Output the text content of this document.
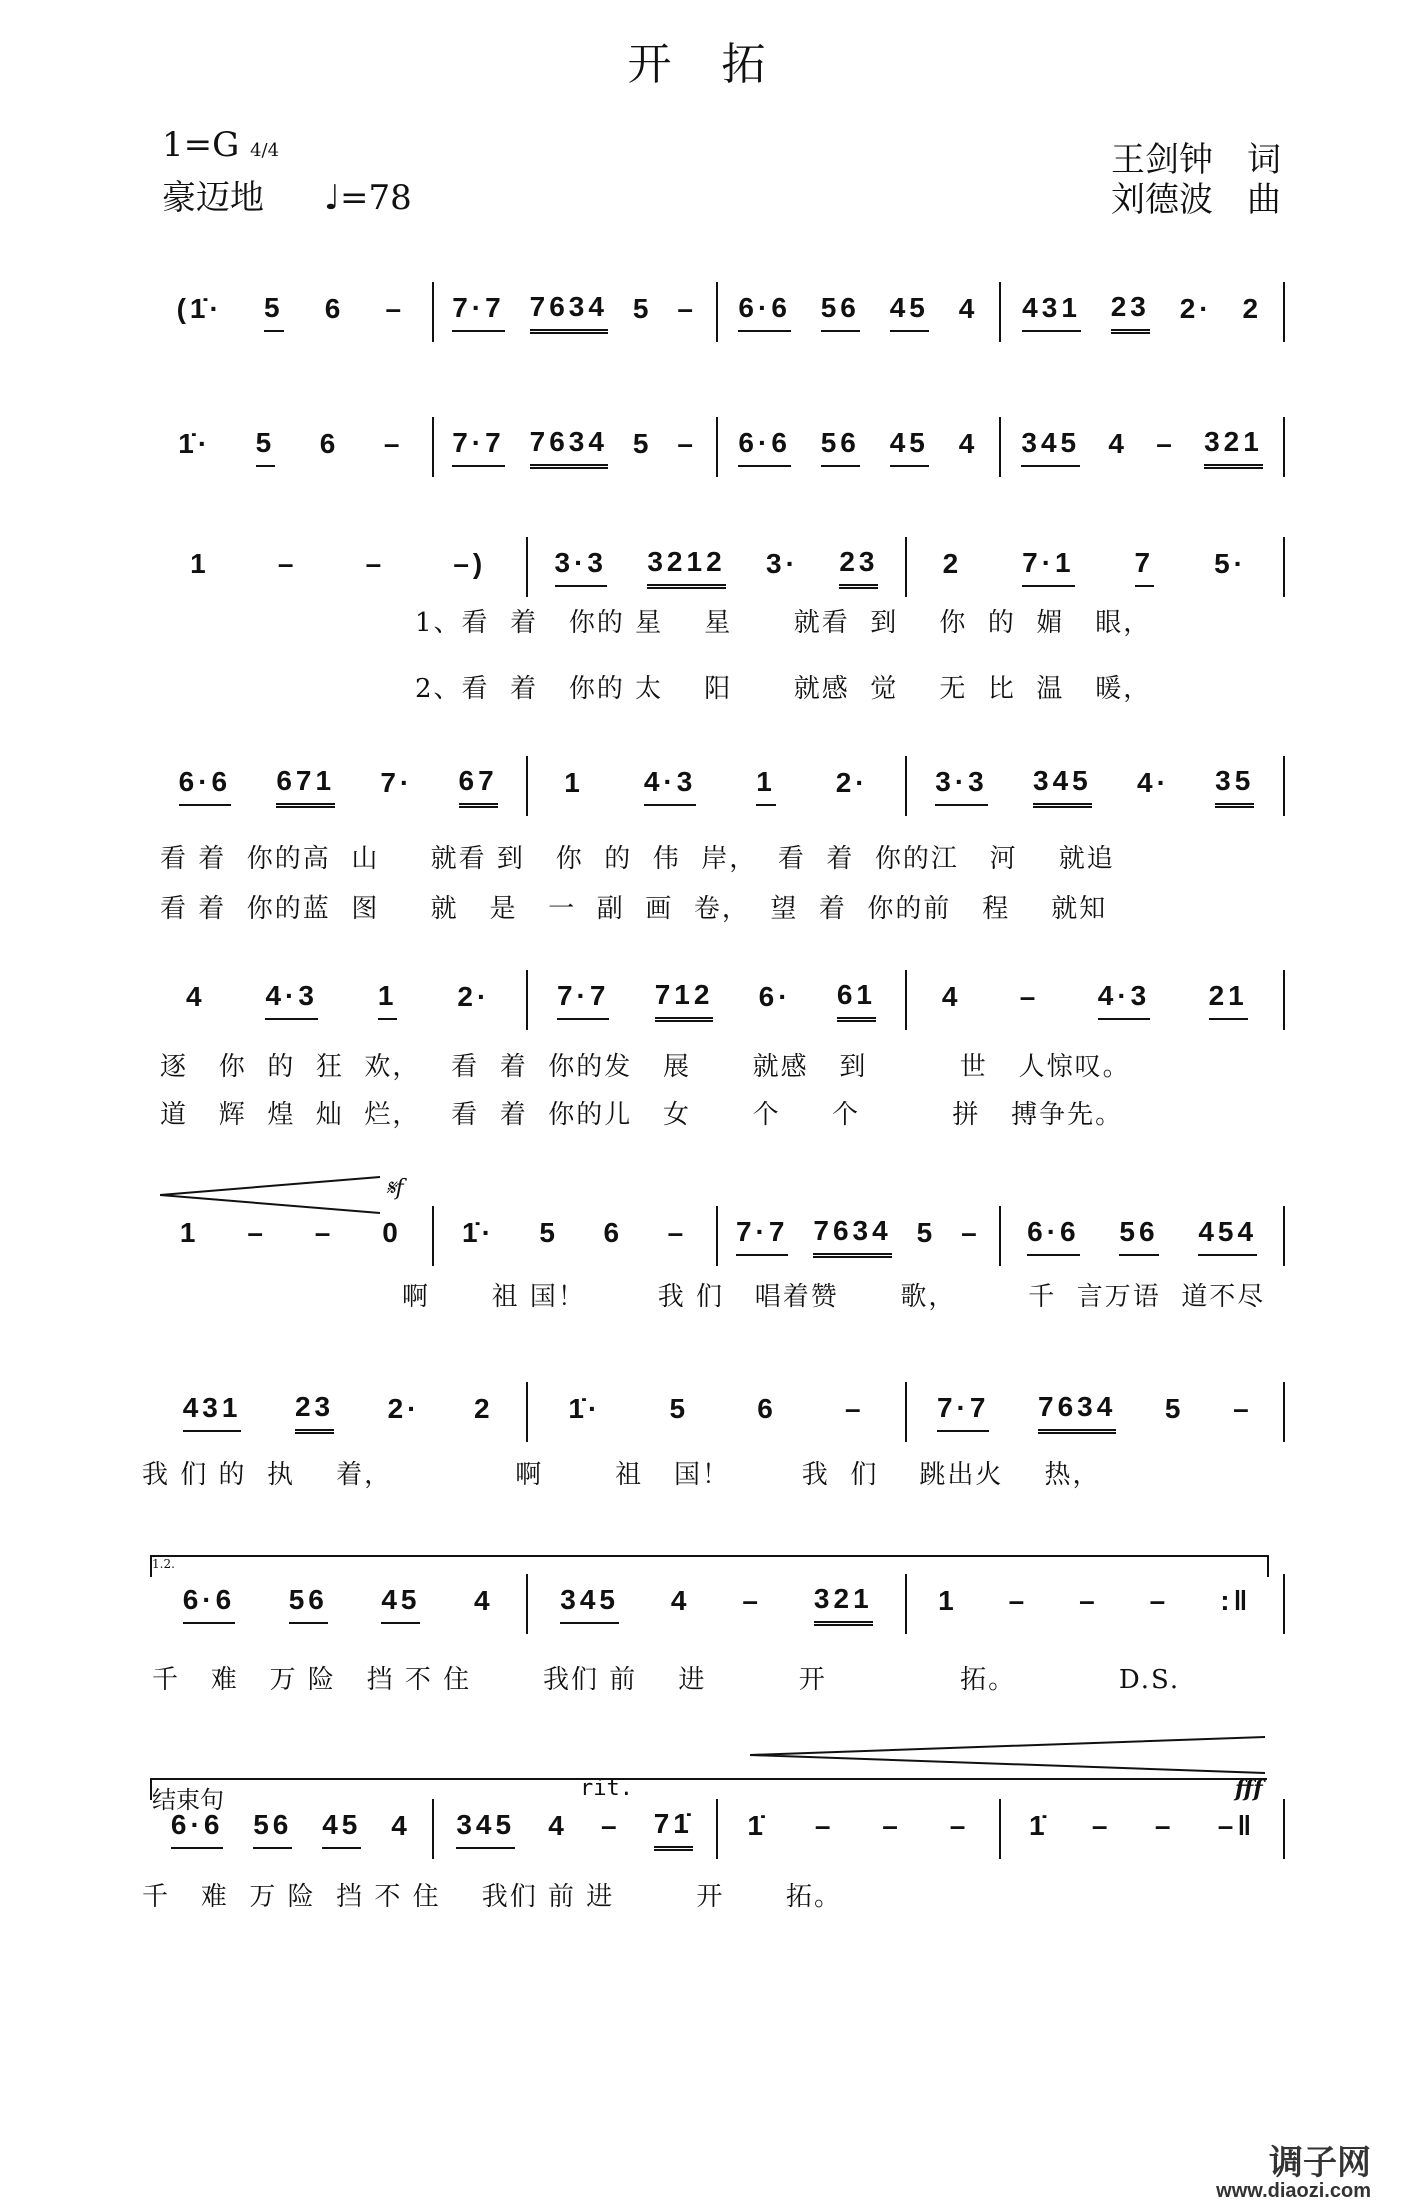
开 拓
1=G 4/4
豪迈地 ♩=78
王剑钟　词
刘德波　曲
(1̇· 5 6 – 7·7 7634 5 – 6·6 56 45 4 431 23 2· 2
1̇· 5 6 – 7·7 7634 5 – 6·6 56 45 4 345 4 – 321
1 – – –) 3·3 3212 3· 23 2 7·1 7 5·
6·6 671 7· 67 1 4·3 1 2· 3·3 345 4· 35
4 4·3 1 2· 7·7 712 6· 61 4 – 4·3 21
1 – – 0 1̇· 5 6 – 7·7 7634 5 – 6·6 56 454
431 23 2· 2	1̇· 5 6 –	7·7 7634 5 –
6·6 56 45 4 345 4 – 321 1 – – – :‖
6·6 56 45 4 345 4 – 71̇ 1̇ – – – 1̇ – – –‖
1、看  着   你的 星    星      就看  到    你  的  媚   眼，
2、看  着   你的 太    阳      就感  觉    无  比  温   暖，
看 着  你的高  山     就看 到   你  的  伟  岸，  看  着  你的江   河    就追
看 着  你的蓝  图     就   是   一  副  画  卷，  望  着  你的前   程    就知
逐   你  的  狂  欢，   看  着  你的发   展      就感   到         世   人惊叹。
道   辉  煌  灿  烂，   看  着  你的儿   女      个     个         拼   搏争先。
啊      祖 国！       我 们   唱着赞      歌，       千  言万语  道不尽
我 们 的  执    着，            啊       祖   国！       我  们    跳出火    热，
千   难   万 险   挡 不 住       我们 前    进         开             拓。          D.S.
千   难  万 险  挡 不 住    我们 前 进        开      拓。
𝄋f
1.2.
结束句	rit.	fff
调子网
www.diaozi.com
